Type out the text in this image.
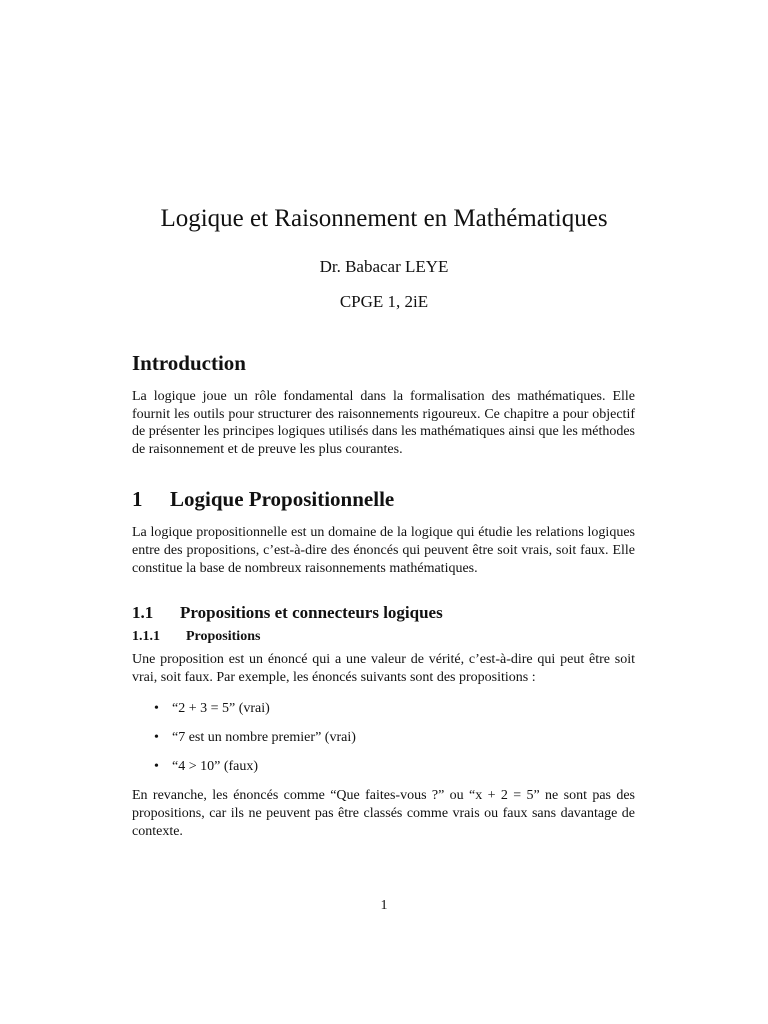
Logique et Raisonnement en Mathématiques
Dr. Babacar LEYE
CPGE 1, 2iE
Introduction

La logique joue un rôle fondamental dans la formalisation des mathématiques. Elle fournit les outils pour structurer des raisonnements rigoureux. Ce chapitre a pour objectif de présenter les principes logiques utilisés dans les mathématiques ainsi que les méthodes de raisonnement et de preuve les plus courantes.

1 Logique Propositionnelle

La logique propositionnelle est un domaine de la logique qui étudie les relations logiques entre des propositions, c’est-à-dire des énoncés qui peuvent être soit vrais, soit faux. Elle constitue la base de nombreux raisonnements mathématiques.

1.1 Propositions et connecteurs logiques
1.1.1 Propositions

Une proposition est un énoncé qui a une valeur de vérité, c’est-à-dire qui peut être soit vrai, soit faux. Par exemple, les énoncés suivants sont des propositions :

• “2 + 3 = 5” (vrai)
• “7 est un nombre premier” (vrai)
• “4 > 10” (faux)

En revanche, les énoncés comme “Que faites-vous ?” ou “x + 2 = 5” ne sont pas des propositions, car ils ne peuvent pas être classés comme vrais ou faux sans davantage de contexte.

1
